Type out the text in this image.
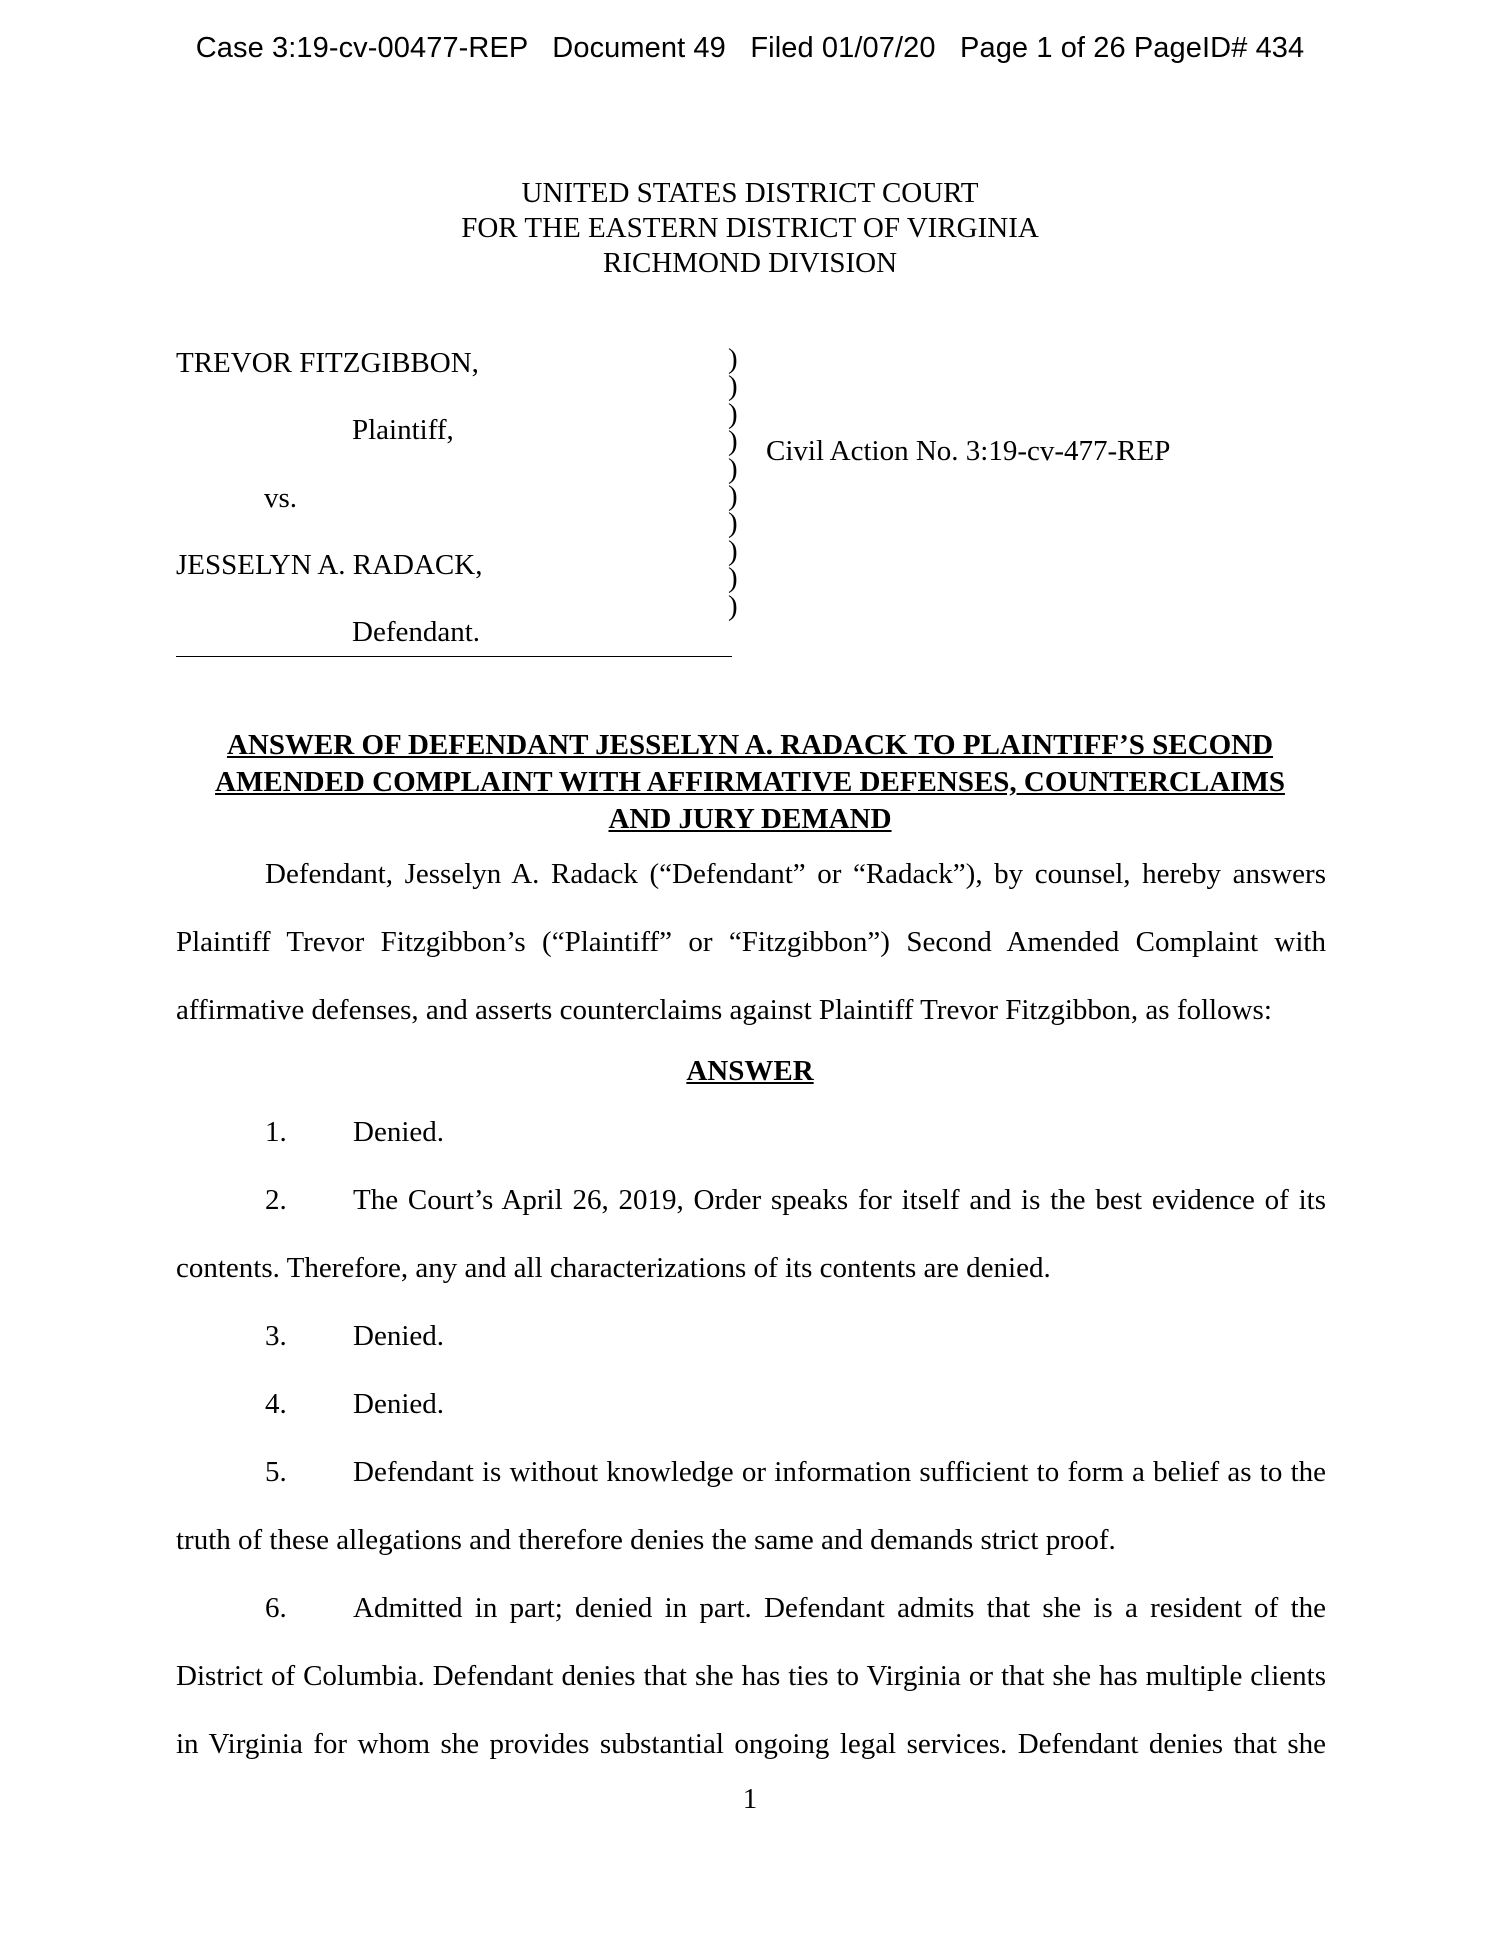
Case 3:19-cv-00477-REP   Document 49   Filed 01/07/20   Page 1 of 26 PageID# 434
UNITED STATES DISTRICT COURT
FOR THE EASTERN DISTRICT OF VIRGINIA
RICHMOND DIVISION
TREVOR FITZGIBBON,
Plaintiff,
vs.
JESSELYN A. RADACK,
Defendant.
)
)
)
)
)
)
)
)
)
)
Civil Action No. 3:19-cv-477-REP
ANSWER OF DEFENDANT JESSELYN A. RADACK TO PLAINTIFF’S SECOND
AMENDED COMPLAINT WITH AFFIRMATIVE DEFENSES, COUNTERCLAIMS
AND JURY DEMAND

Defendant, Jesselyn A. Radack (“Defendant” or “Radack”), by counsel, hereby answers Plaintiff Trevor Fitzgibbon’s (“Plaintiff” or “Fitzgibbon”) Second Amended Complaint with affirmative defenses, and asserts counterclaims against Plaintiff Trevor Fitzgibbon, as follows:

ANSWER

1. Denied.

2. The Court’s April 26, 2019, Order speaks for itself and is the best evidence of its contents. Therefore, any and all characterizations of its contents are denied.

3. Denied.

4. Denied.

5. Defendant is without knowledge or information sufficient to form a belief as to the truth of these allegations and therefore denies the same and demands strict proof.

6. Admitted in part; denied in part. Defendant admits that she is a resident of the District of Columbia. Defendant denies that she has ties to Virginia or that she has multiple clients in Virginia for whom she provides substantial ongoing legal services. Defendant denies that she

1
